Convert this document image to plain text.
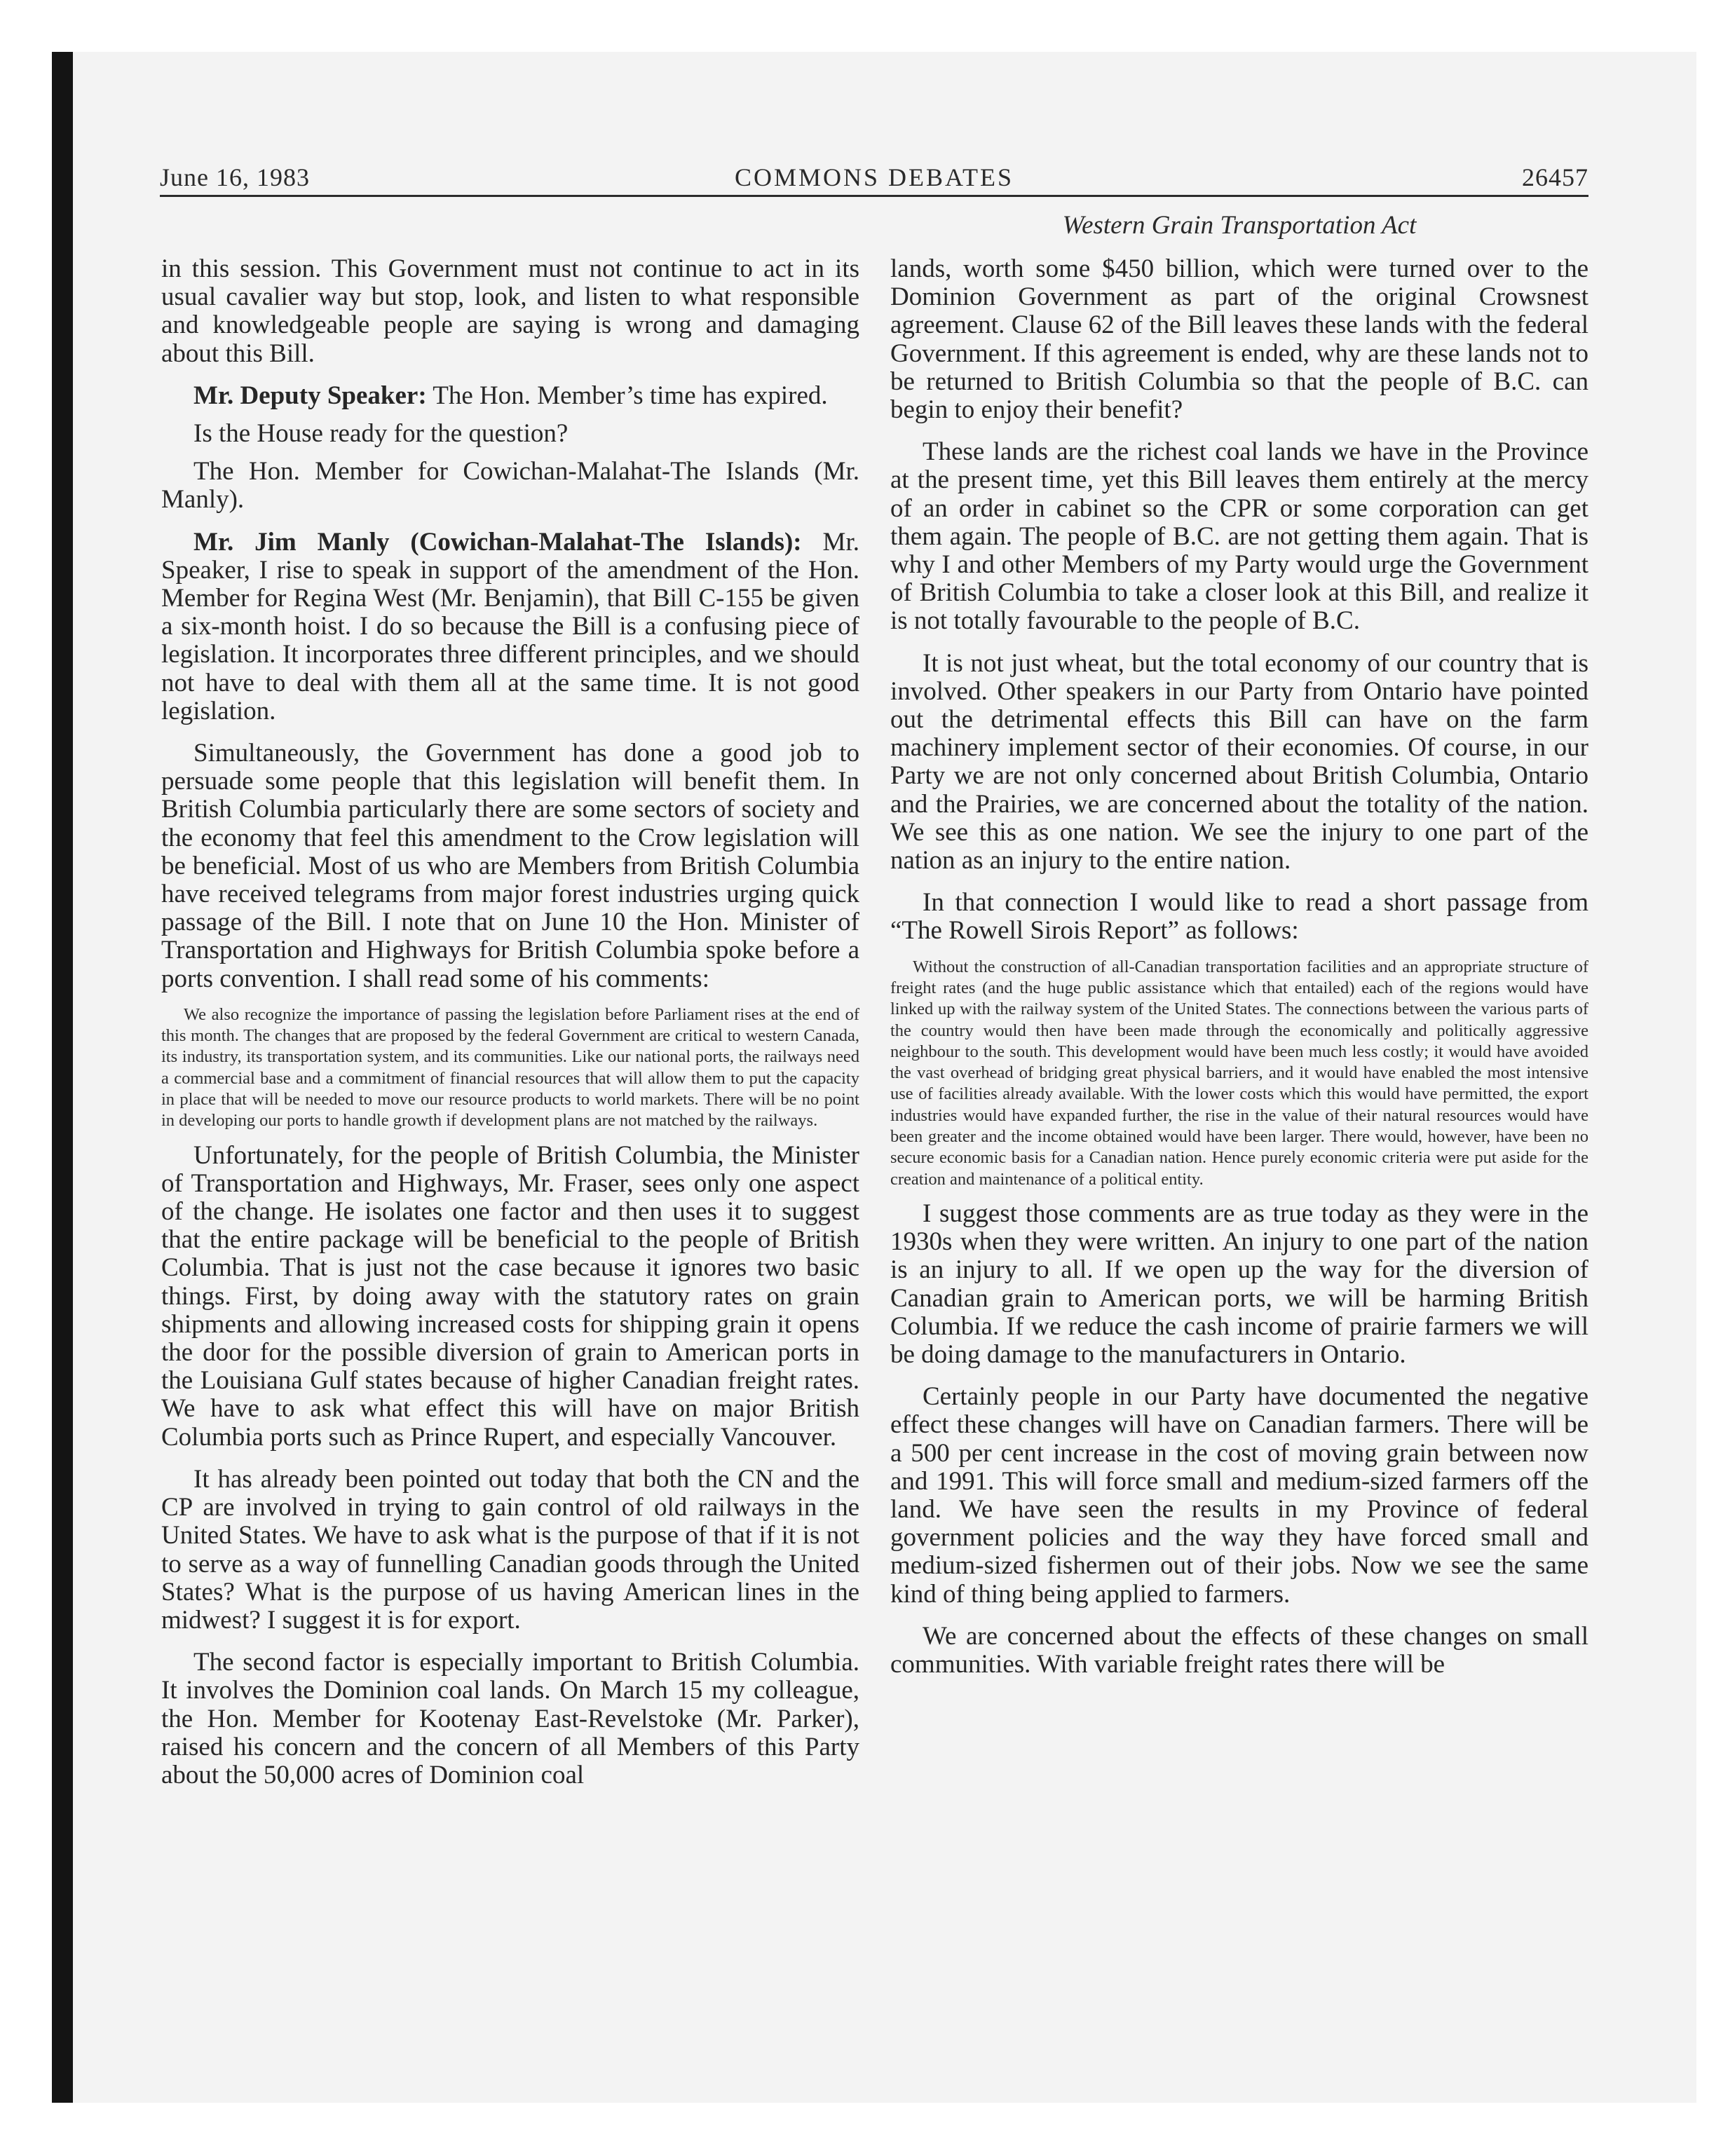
June 16, 1983	COMMONS DEBATES	26457
Western Grain Transportation Act

in this session. This Government must not continue to act in its usual cavalier way but stop, look, and listen to what responsible and knowledgeable people are saying is wrong and damaging about this Bill.

Mr. Deputy Speaker: The Hon. Member’s time has expired.

Is the House ready for the question?

The Hon. Member for Cowichan-Malahat-The Islands (Mr. Manly).

Mr. Jim Manly (Cowichan-Malahat-The Islands): Mr. Speaker, I rise to speak in support of the amendment of the Hon. Member for Regina West (Mr. Benjamin), that Bill C-155 be given a six-month hoist. I do so because the Bill is a confusing piece of legislation. It incorporates three different principles, and we should not have to deal with them all at the same time. It is not good legislation.

Simultaneously, the Government has done a good job to persuade some people that this legislation will benefit them. In British Columbia particularly there are some sectors of society and the economy that feel this amendment to the Crow legislation will be beneficial. Most of us who are Members from British Columbia have received telegrams from major forest industries urging quick passage of the Bill. I note that on June 10 the Hon. Minister of Transportation and Highways for British Columbia spoke before a ports convention. I shall read some of his comments:

We also recognize the importance of passing the legislation before Parliament rises at the end of this month. The changes that are proposed by the federal Government are critical to western Canada, its industry, its transportation system, and its communities. Like our national ports, the railways need a commercial base and a commitment of financial resources that will allow them to put the capacity in place that will be needed to move our resource products to world markets. There will be no point in developing our ports to handle growth if development plans are not matched by the railways.

Unfortunately, for the people of British Columbia, the Minister of Transportation and Highways, Mr. Fraser, sees only one aspect of the change. He isolates one factor and then uses it to suggest that the entire package will be beneficial to the people of British Columbia. That is just not the case because it ignores two basic things. First, by doing away with the statutory rates on grain shipments and allowing increased costs for shipping grain it opens the door for the possible diversion of grain to American ports in the Louisiana Gulf states because of higher Canadian freight rates. We have to ask what effect this will have on major British Columbia ports such as Prince Rupert, and especially Vancouver.

It has already been pointed out today that both the CN and the CP are involved in trying to gain control of old railways in the United States. We have to ask what is the purpose of that if it is not to serve as a way of funnelling Canadian goods through the United States? What is the purpose of us having American lines in the midwest? I suggest it is for export.

The second factor is especially important to British Columbia. It involves the Dominion coal lands. On March 15 my colleague, the Hon. Member for Kootenay East-Revelstoke (Mr. Parker), raised his concern and the concern of all Members of this Party about the 50,000 acres of Dominion coal

lands, worth some $450 billion, which were turned over to the Dominion Government as part of the original Crowsnest agreement. Clause 62 of the Bill leaves these lands with the federal Government. If this agreement is ended, why are these lands not to be returned to British Columbia so that the people of B.C. can begin to enjoy their benefit?

These lands are the richest coal lands we have in the Province at the present time, yet this Bill leaves them entirely at the mercy of an order in cabinet so the CPR or some corporation can get them again. The people of B.C. are not getting them again. That is why I and other Members of my Party would urge the Government of British Columbia to take a closer look at this Bill, and realize it is not totally favourable to the people of B.C.

It is not just wheat, but the total economy of our country that is involved. Other speakers in our Party from Ontario have pointed out the detrimental effects this Bill can have on the farm machinery implement sector of their economies. Of course, in our Party we are not only concerned about British Columbia, Ontario and the Prairies, we are concerned about the totality of the nation. We see this as one nation. We see the injury to one part of the nation as an injury to the entire nation.

In that connection I would like to read a short passage from “The Rowell Sirois Report” as follows:

Without the construction of all-Canadian transportation facilities and an appropriate structure of freight rates (and the huge public assistance which that entailed) each of the regions would have linked up with the railway system of the United States. The connections between the various parts of the country would then have been made through the economically and politically aggressive neighbour to the south. This development would have been much less costly; it would have avoided the vast overhead of bridging great physical barriers, and it would have enabled the most intensive use of facilities already available. With the lower costs which this would have permitted, the export industries would have expanded further, the rise in the value of their natural resources would have been greater and the income obtained would have been larger. There would, however, have been no secure economic basis for a Canadian nation. Hence purely economic criteria were put aside for the creation and maintenance of a political entity.

I suggest those comments are as true today as they were in the 1930s when they were written. An injury to one part of the nation is an injury to all. If we open up the way for the diversion of Canadian grain to American ports, we will be harming British Columbia. If we reduce the cash income of prairie farmers we will be doing damage to the manufacturers in Ontario.

Certainly people in our Party have documented the negative effect these changes will have on Canadian farmers. There will be a 500 per cent increase in the cost of moving grain between now and 1991. This will force small and medium-sized farmers off the land. We have seen the results in my Province of federal government policies and the way they have forced small and medium-sized fishermen out of their jobs. Now we see the same kind of thing being applied to farmers.

We are concerned about the effects of these changes on small communities. With variable freight rates there will be
